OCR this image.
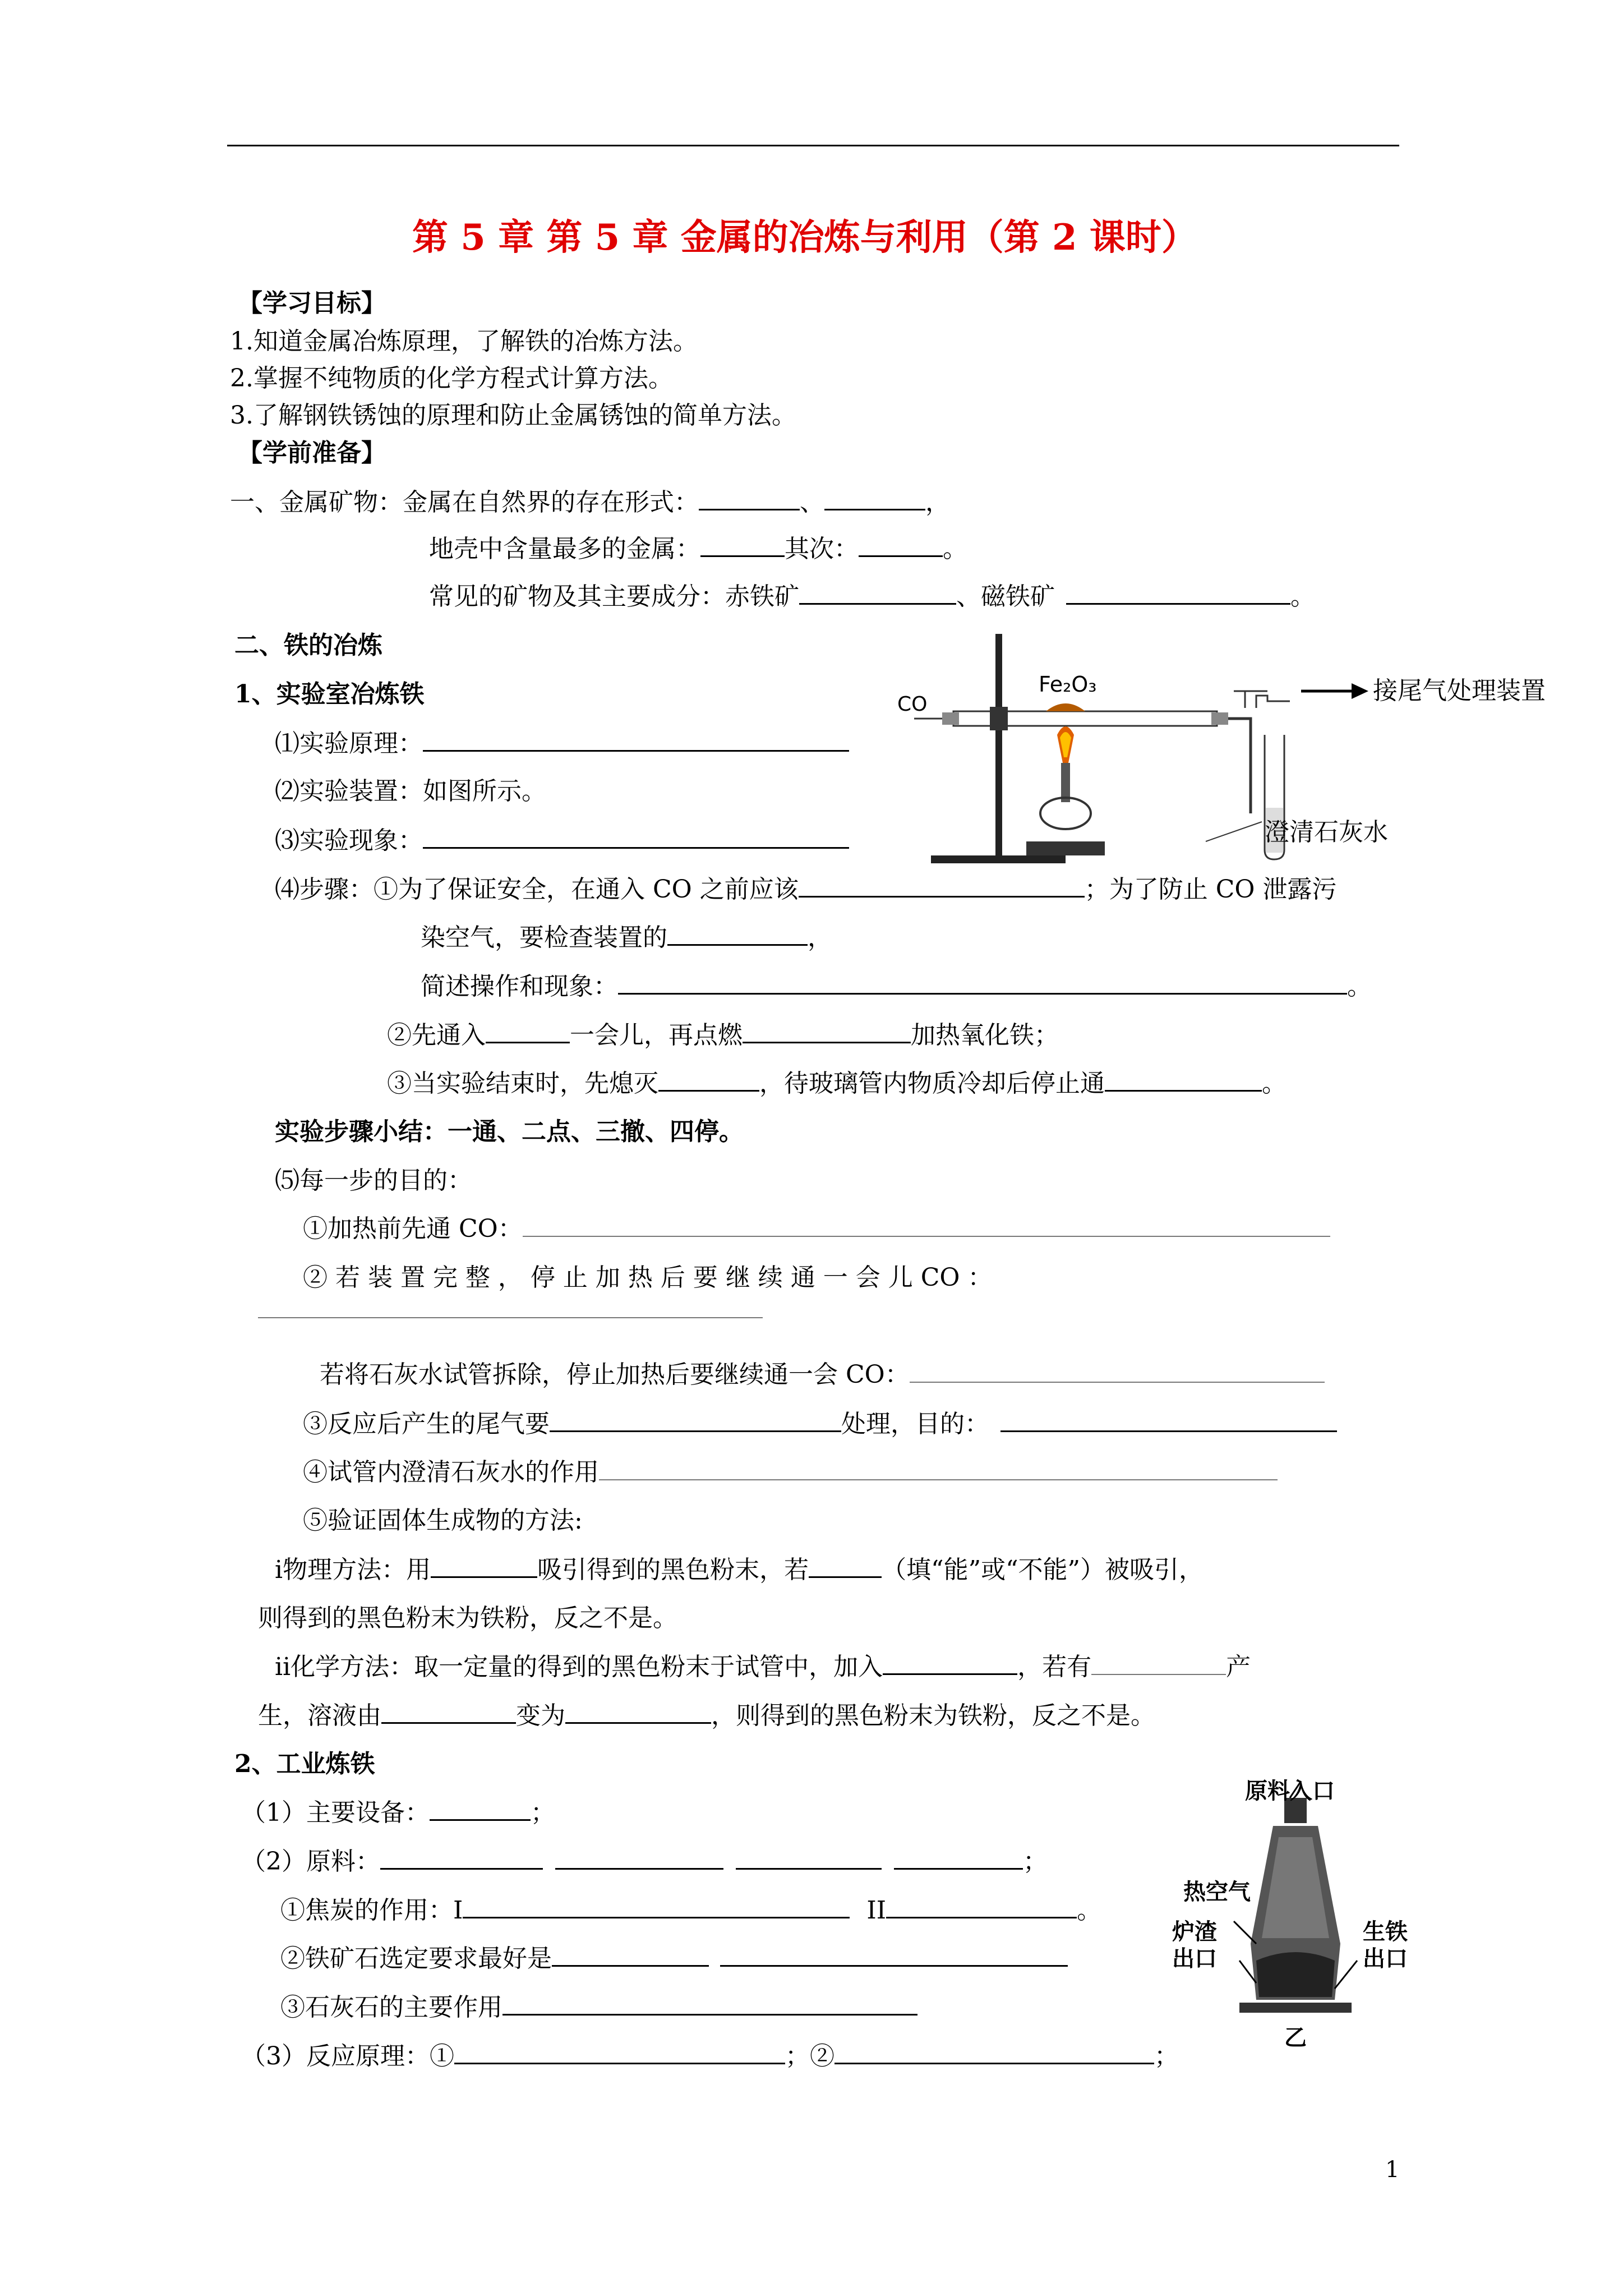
第 5 章 第 5 章 金属的冶炼与利用（第 2 课时）
【学习目标】
1.知道金属冶炼原理，了解铁的冶炼方法。
2.掌握不纯物质的化学方程式计算方法。
3.了解钢铁锈蚀的原理和防止金属锈蚀的简单方法。
【学前准备】
一、金属矿物：金属在自然界的存在形式：	、	，
地壳中含量最多的金属：	其次：	。
常见的矿物及其主要成分：赤铁矿	、磁铁矿	。
二、铁的冶炼
1、实验室冶炼铁
⑴实验原理：
⑵实验装置：如图所示。
⑶实验现象：
CO
Fe₂O₃	接尾气处理装置
澄清石灰水
⑷步骤：①为了保证安全，在通入 CO 之前应该	；为了防止 CO 泄露污
染空气，要检查装置的	，
简述操作和现象：	。
②先通入	一会儿，再点燃	加热氧化铁；
③当实验结束时，先熄灭	，待玻璃管内物质冷却后停止通	。
实验步骤小结：一通、二点、三撤、四停。
⑸每一步的目的：
①加热前先通 CO：
② 若 装 置 完 整 ， 停 止 加 热 后 要 继 续 通 一 会 儿 CO ：
若将石灰水试管拆除，停止加热后要继续通一会 CO：
③反应后产生的尾气要	处理，目的：
④试管内澄清石灰水的作用
⑤验证固体生成物的方法:
ⅰ物理方法：用	吸引得到的黑色粉末，若	（填“能”或“不能”）被吸引，
则得到的黑色粉末为铁粉，反之不是。
ⅱ化学方法：取一定量的得到的黑色粉末于试管中，加入	，若有	产
生，溶液由	变为	，则得到的黑色粉末为铁粉，反之不是。
2、工业炼铁
（1）主要设备：	；
（2）原料：	；
①焦炭的作用：I	II	。
②铁矿石选定要求最好是
③石灰石的主要作用
（3）反应原理：①	；②	；
原料入口
热空气
炉渣出口
生铁出口
乙
1
